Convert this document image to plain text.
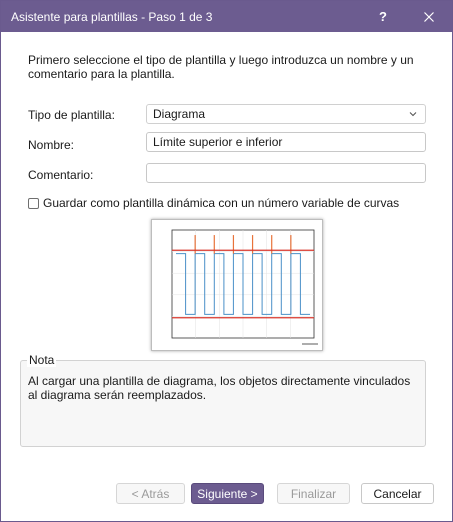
Asistente para plantillas - Paso 1 de 3	?
Primero seleccione el tipo de plantilla y luego introduzca un nombre y un comentario para la plantilla.
Tipo de plantilla:	Diagrama
Nombre:
Límite superior e inferior
Comentario:
Guardar como plantilla dinámica con un número variable de curvas
Nota
Al cargar una plantilla de diagrama, los objetos directamente vinculados al diagrama serán reemplazados.
< Atrás	Siguiente >	Finalizar	Cancelar
